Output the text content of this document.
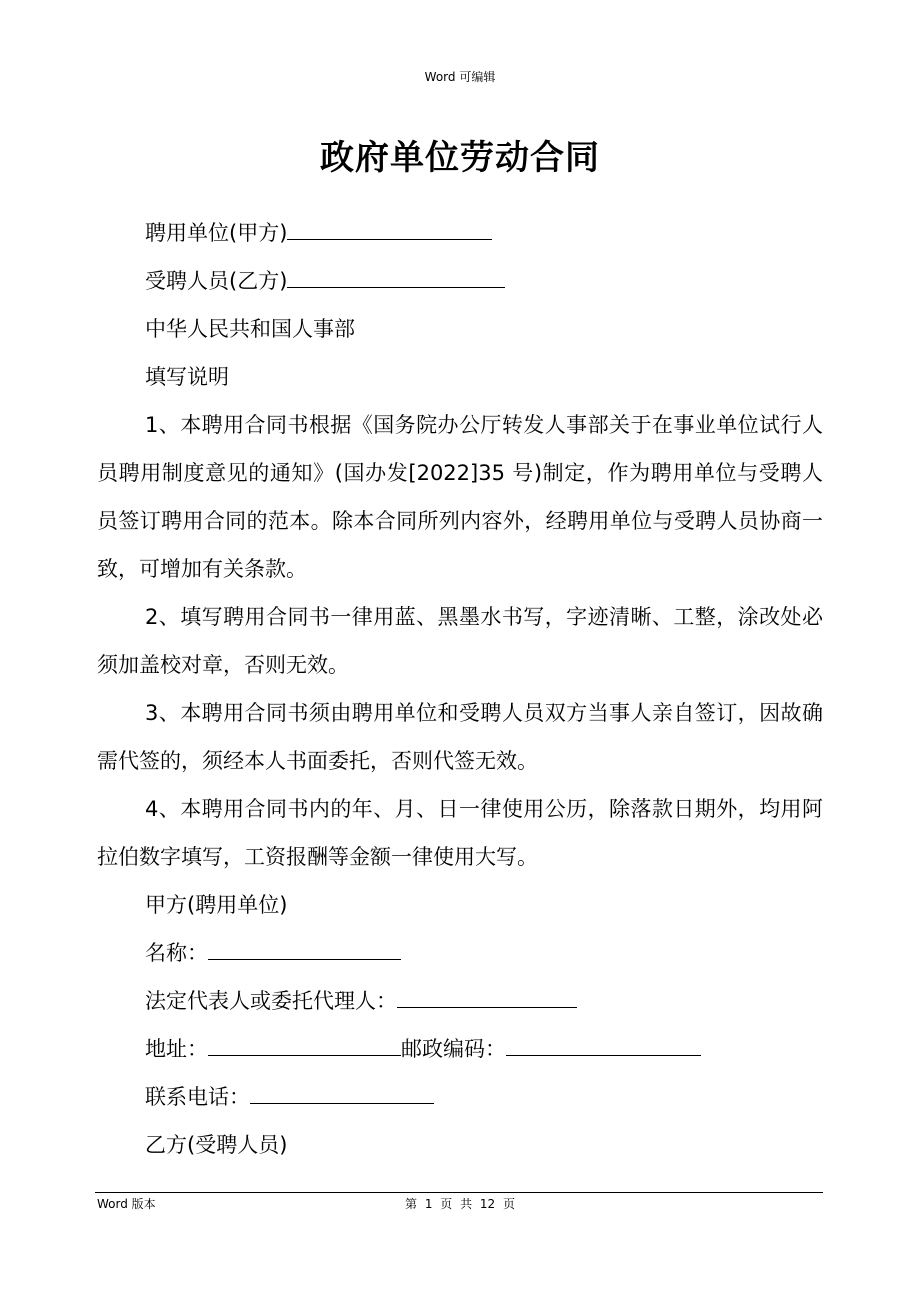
Word 可编辑
政府单位劳动合同

聘用单位(甲方)

受聘人员(乙方)

中华人民共和国人事部

填写说明

1、本聘用合同书根据《国务院办公厅转发人事部关于在事业单位试行人员聘用制度意见的通知》(国办发[2022]35 号)制定，作为聘用单位与受聘人员签订聘用合同的范本。除本合同所列内容外，经聘用单位与受聘人员协商一致，可增加有关条款。

2、填写聘用合同书一律用蓝、黑墨水书写，字迹清晰、工整，涂改处必须加盖校对章，否则无效。

3、本聘用合同书须由聘用单位和受聘人员双方当事人亲自签订，因故确需代签的，须经本人书面委托，否则代签无效。

4、本聘用合同书内的年、月、日一律使用公历，除落款日期外，均用阿拉伯数字填写，工资报酬等金额一律使用大写。

甲方(聘用单位)

名称：

法定代表人或委托代理人：

地址：	邮政编码：

联系电话：

乙方(受聘人员)

Word 版本	第 1 页 共 12 页
